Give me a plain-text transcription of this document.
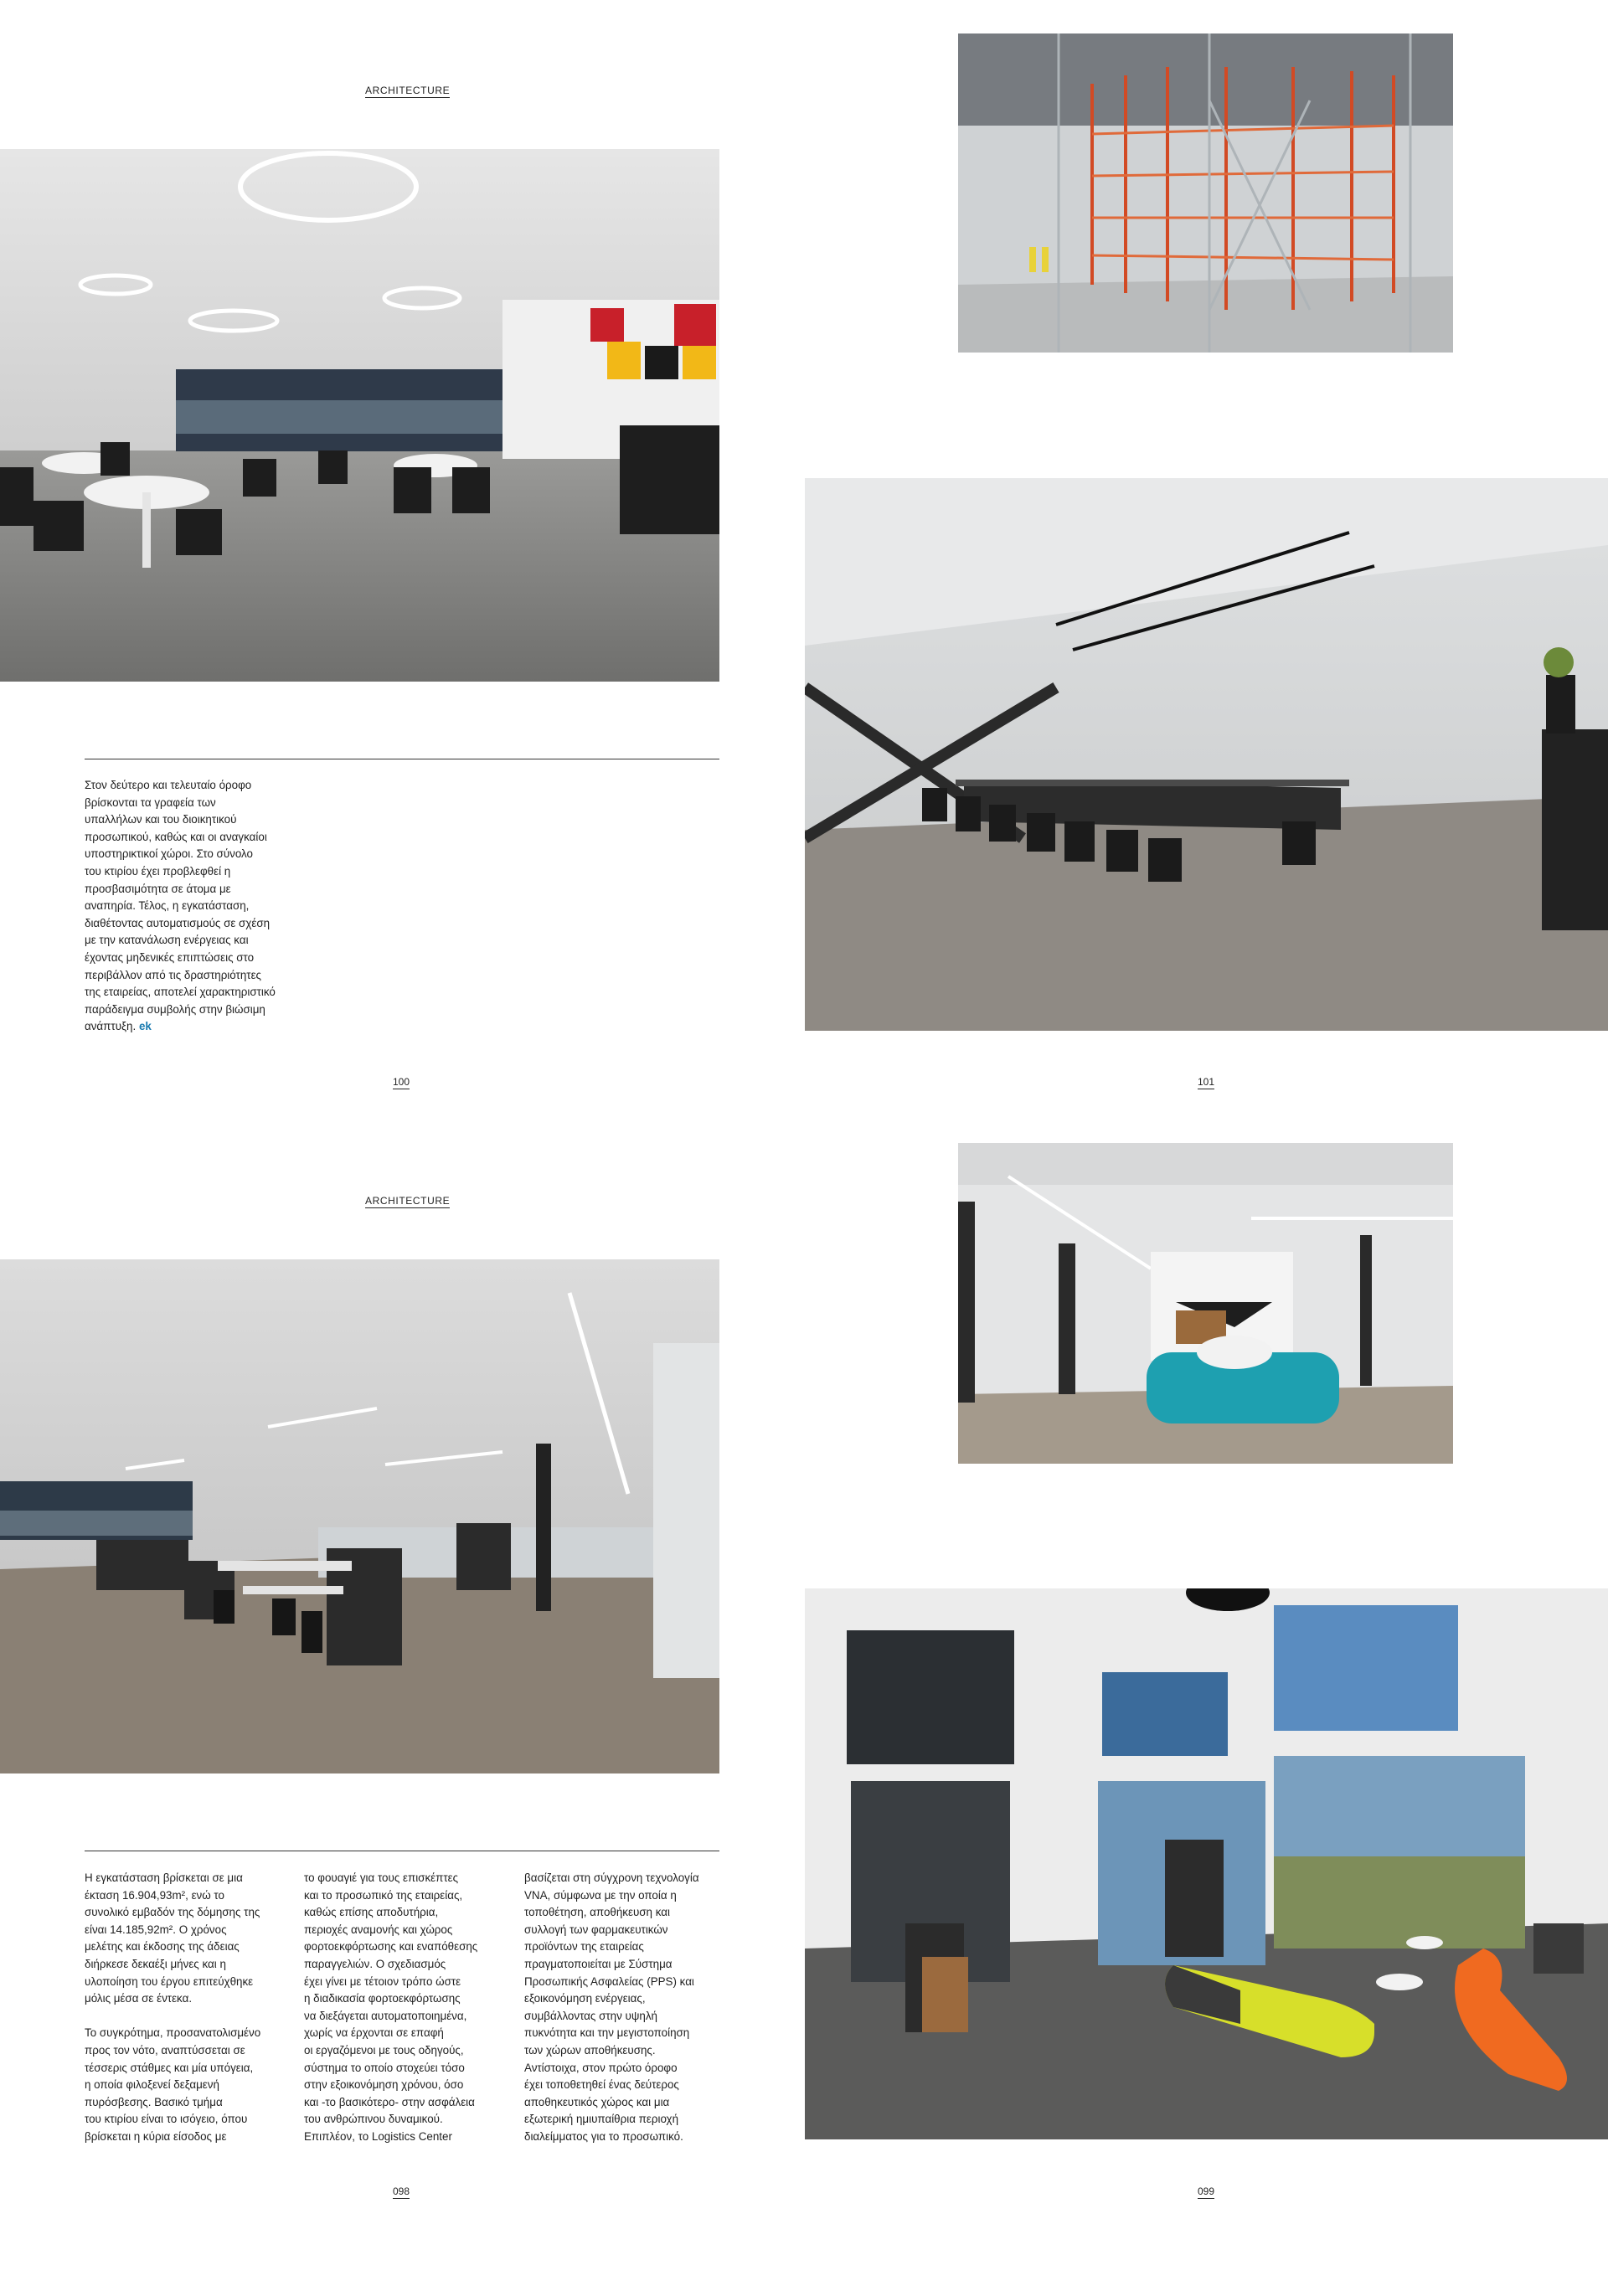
ARCHITECTURE
Στον δεύτερο και τελευταίο όροφο
βρίσκονται τα γραφεία των
υπαλλήλων και του διοικητικού
προσωπικού, καθώς και οι αναγκαίοι
υποστηρικτικοί χώροι. Στο σύνολο
του κτιρίου έχει προβλεφθεί η
προσβασιμότητα σε άτομα με
αναπηρία. Τέλος, η εγκατάσταση,
διαθέτοντας αυτοματισμούς σε σχέση
με την κατανάλωση ενέργειας και
έχοντας μηδενικές επιπτώσεις στο
περιβάλλον από τις δραστηριότητες
της εταιρείας, αποτελεί χαρακτηριστικό
παράδειγμα συμβολής στην βιώσιμη
ανάπτυξη. ek
100	101
ARCHITECTURE
Η εγκατάσταση βρίσκεται σε μια
έκταση 16.904,93m², ενώ το
συνολικό εμβαδόν της δόμησης της
είναι 14.185,92m². Ο χρόνος
μελέτης και έκδοσης της άδειας
διήρκεσε δεκαέξι μήνες και η
υλοποίηση του έργου επιτεύχθηκε
μόλις μέσα σε έντεκα.

Το συγκρότημα, προσανατολισμένο
προς τον νότο, αναπτύσσεται σε
τέσσερις στάθμες και μία υπόγεια,
η οποία φιλοξενεί δεξαμενή
πυρόσβεσης. Βασικό τμήμα
του κτιρίου είναι το ισόγειο, όπου
βρίσκεται η κύρια είσοδος με
το φουαγιέ για τους επισκέπτες
και το προσωπικό της εταιρείας,
καθώς επίσης αποδυτήρια,
περιοχές αναμονής και χώρος
φορτοεκφόρτωσης και εναπόθεσης
παραγγελιών. Ο σχεδιασμός
έχει γίνει με τέτοιον τρόπο ώστε
η διαδικασία φορτοεκφόρτωσης
να διεξάγεται αυτοματοποιημένα,
χωρίς να έρχονται σε επαφή
οι εργαζόμενοι με τους οδηγούς,
σύστημα το οποίο στοχεύει τόσο
στην εξοικονόμηση χρόνου, όσο
και -το βασικότερο- στην ασφάλεια
του ανθρώπινου δυναμικού.
Επιπλέον, το Logistics Center
βασίζεται στη σύγχρονη τεχνολογία
VNA, σύμφωνα με την οποία η
τοποθέτηση, αποθήκευση και
συλλογή των φαρμακευτικών
προϊόντων της εταιρείας
πραγματοποιείται με Σύστημα
Προσωπικής Ασφαλείας (PPS) και
εξοικονόμηση ενέργειας,
συμβάλλοντας στην υψηλή
πυκνότητα και την μεγιστοποίηση
των χώρων αποθήκευσης.
Αντίστοιχα, στον πρώτο όροφο
έχει τοποθετηθεί ένας δεύτερος
αποθηκευτικός χώρος και μια
εξωτερική ημιυπαίθρια περιοχή
διαλείμματος για το προσωπικό.
098	099
